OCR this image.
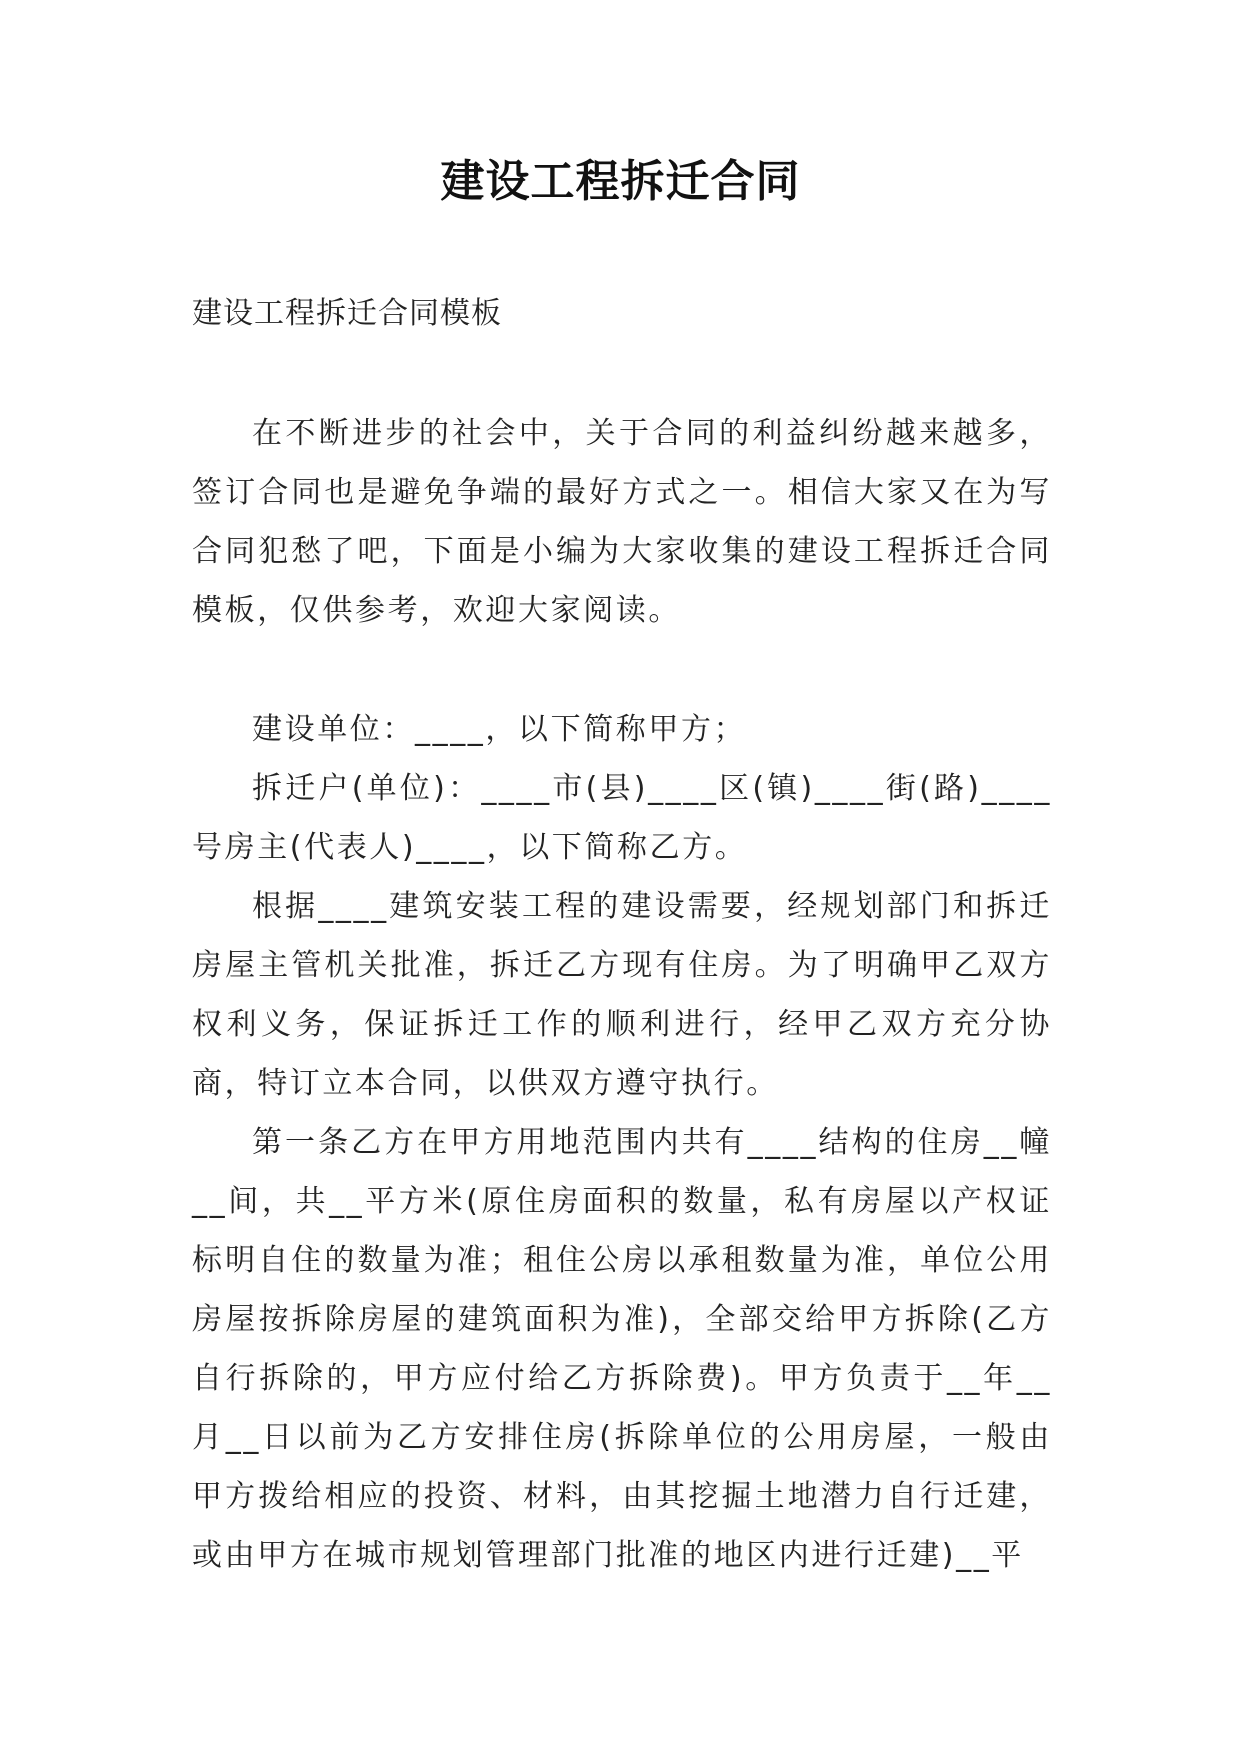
建设工程拆迁合同
建设工程拆迁合同模板

在不断进步的社会中，关于合同的利益纠纷越来越多，签订合同也是避免争端的最好方式之一。相信大家又在为写合同犯愁了吧，下面是小编为大家收集的建设工程拆迁合同模板，仅供参考，欢迎大家阅读。

建设单位：____，以下简称甲方；

拆迁户(单位)：____市(县)____区(镇)____街(路)____号房主(代表人)____，以下简称乙方。

根据____建筑安装工程的建设需要，经规划部门和拆迁房屋主管机关批准，拆迁乙方现有住房。为了明确甲乙双方权利义务，保证拆迁工作的顺利进行，经甲乙双方充分协商，特订立本合同，以供双方遵守执行。

第一条乙方在甲方用地范围内共有____结构的住房__幢__间，共__平方米(原住房面积的数量，私有房屋以产权证标明自住的数量为准；租住公房以承租数量为准，单位公用房屋按拆除房屋的建筑面积为准)，全部交给甲方拆除(乙方自行拆除的，甲方应付给乙方拆除费)。甲方负责于__年__月__日以前为乙方安排住房(拆除单位的公用房屋，一般由甲方拨给相应的投资、材料，由其挖掘土地潜力自行迁建，或由甲方在城市规划管理部门批准的地区内进行迁建)__平
